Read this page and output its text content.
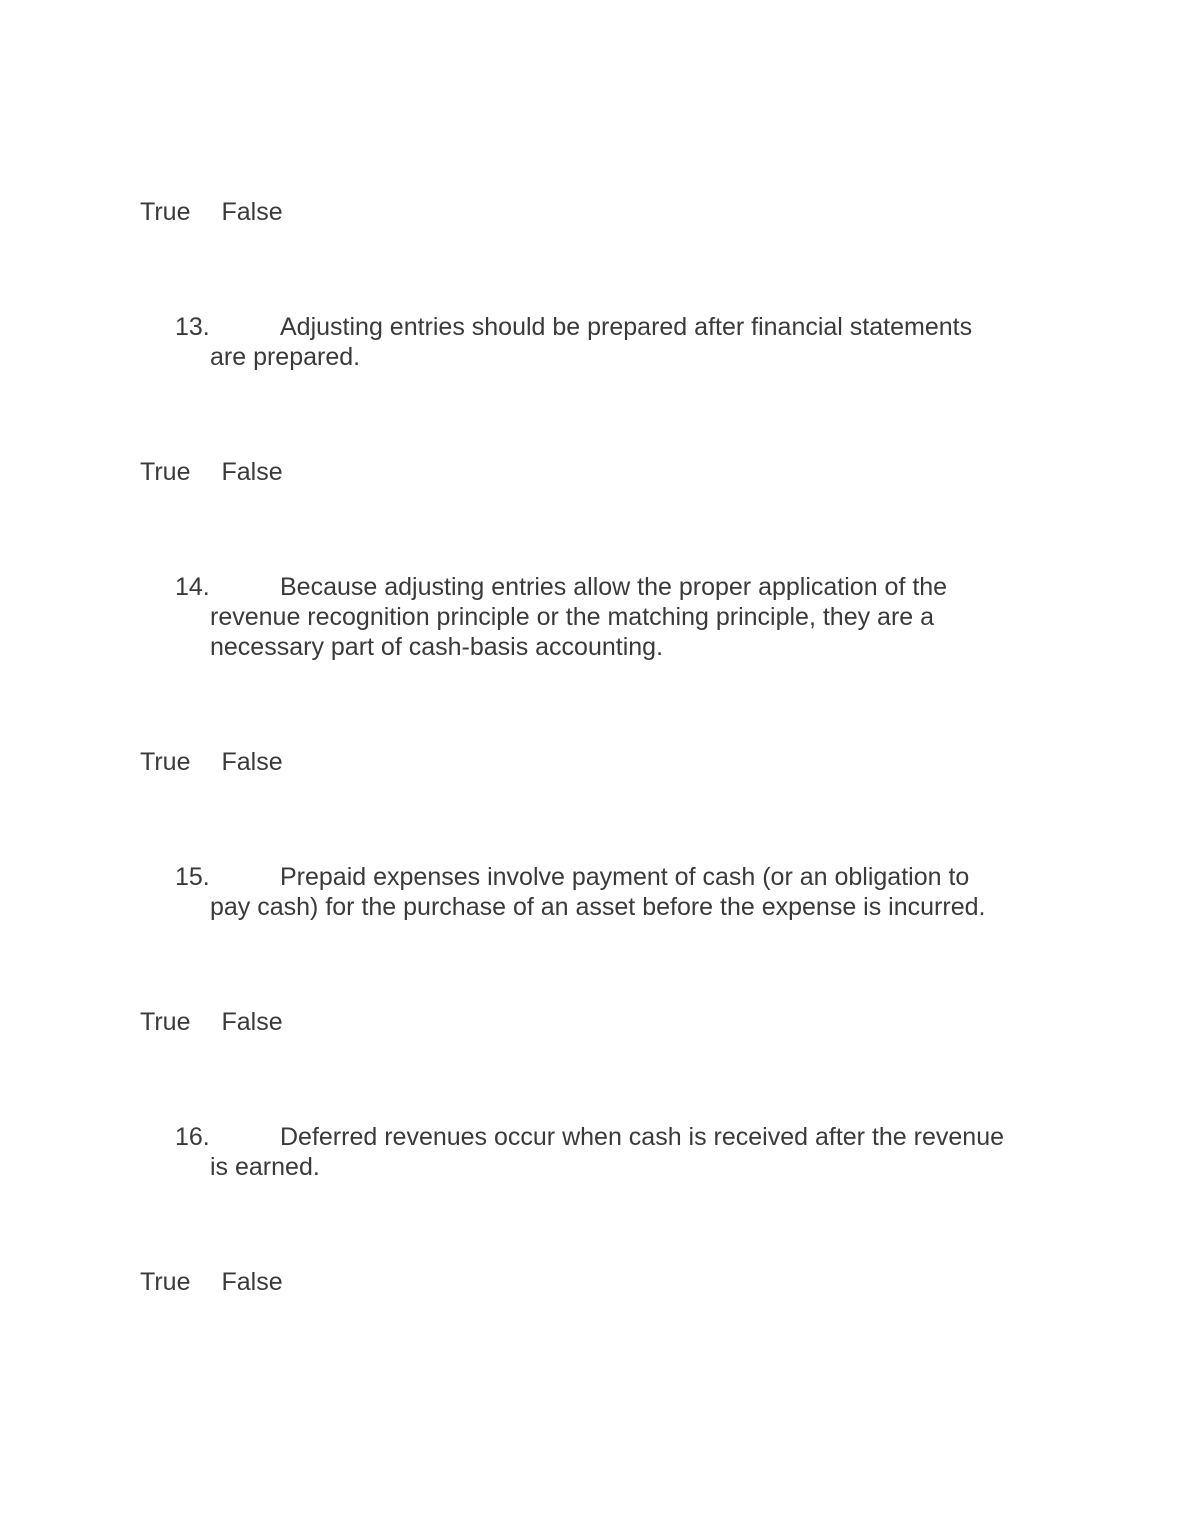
True False
13.	Adjusting entries should be prepared after financial statements
are prepared.
True False
14.	Because adjusting entries allow the proper application of the
revenue recognition principle or the matching principle, they are a necessary part of cash-basis accounting.
True False
15.	Prepaid expenses involve payment of cash (or an obligation to
pay cash) for the purchase of an asset before the expense is incurred.
True False
16.	Deferred revenues occur when cash is received after the revenue
is earned.
True False
